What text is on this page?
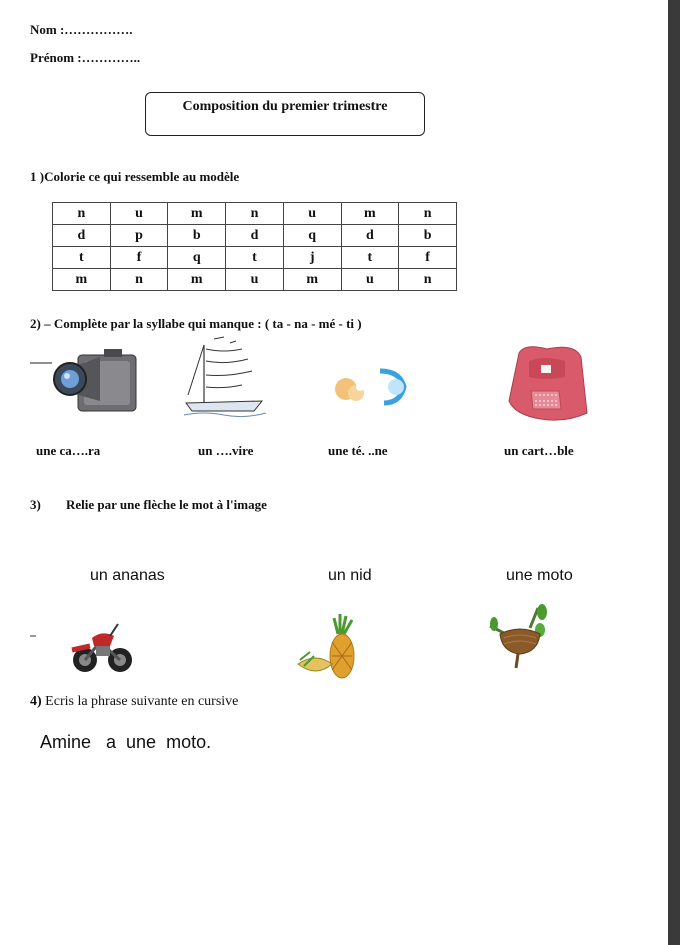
Nom :…………….
Prénom :…………..
Composition du premier trimestre
1 )Colorie ce qui ressemble au modèle
n	u	m	n	u	m	n
d	p	b	d	q	d	b
t	f	q	t	j	t	f
m	n	m	u	m	u	n
2) – Complète par la syllabe qui manque : ( ta - na - mé - ti )
une ca….ra	un ….vire	une té. ..ne	un cart…ble
3) Relie par une flèche le mot à l'image
un ananas	un nid	une moto
4) Ecris la phrase suivante en cursive
Amine   a  une  moto.
